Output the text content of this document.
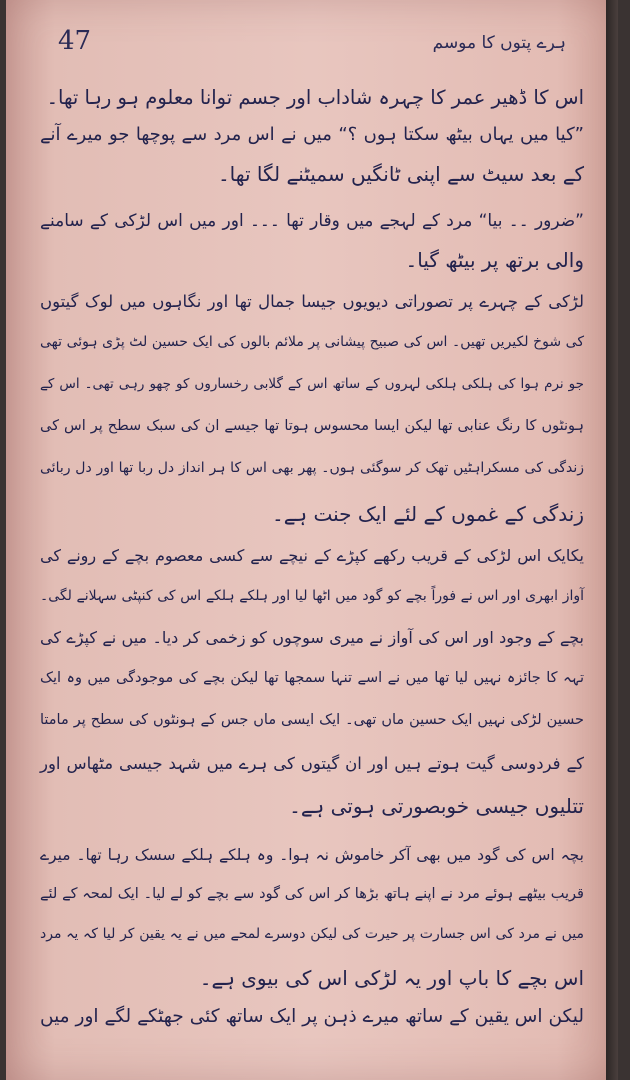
47	ہرے پتوں کا موسم
اس کا ڈھیر عمر کا چہرہ شاداب اور جسم توانا معلوم ہو رہا تھا۔
”کیا میں یہاں بیٹھ سکتا ہوں ؟“ میں نے اس مرد سے پوچھا جو میرے آنے
کے بعد سیٹ سے اپنی ٹانگیں سمیٹنے لگا تھا۔
”ضرور ۔۔ بیا“ مرد کے لہجے میں وقار تھا ۔۔۔ اور میں اس لڑکی کے سامنے
والی برتھ پر بیٹھ گیا۔
لڑکی کے چہرے پر تصوراتی دیویوں جیسا جمال تھا اور نگاہوں میں لوک گیتوں
کی شوخ لکیریں تھیں۔ اس کی صبیح پیشانی پر ملائم بالوں کی ایک حسین لٹ پڑی ہوئی تھی
جو نرم ہوا کی ہلکی ہلکی لہروں کے ساتھ اس کے گلابی رخساروں کو چھو رہی تھی۔ اس کے
ہونٹوں کا رنگ عنابی تھا لیکن ایسا محسوس ہوتا تھا جیسے ان کی سبک سطح پر اس کی
زندگی کی مسکراہٹیں تھک کر سوگئی ہوں۔ پھر بھی اس کا ہر انداز دل ربا تھا اور دل ربائی
زندگی کے غموں کے لئے ایک جنت ہے۔
یکایک اس لڑکی کے قریب رکھے کپڑے کے نیچے سے کسی معصوم بچے کے رونے کی
آواز ابھری اور اس نے فوراً بچے کو گود میں اٹھا لیا اور ہلکے ہلکے اس کی کنپٹی سہلانے لگی۔
بچے کے وجود اور اس کی آواز نے میری سوچوں کو زخمی کر دیا۔ میں نے کپڑے کی
تہہ کا جائزہ نہیں لیا تھا میں نے اسے تنہا سمجھا تھا لیکن بچے کی موجودگی میں وہ ایک
حسین لڑکی نہیں ایک حسین ماں تھی۔ ایک ایسی ماں جس کے ہونٹوں کی سطح پر مامتا
کے فردوسی گیت ہوتے ہیں اور ان گیتوں کی ہرے میں شہد جیسی مٹھاس اور
تتلیوں جیسی خوبصورتی ہوتی ہے۔
بچہ اس کی گود میں بھی آکر خاموش نہ ہوا۔ وہ ہلکے ہلکے سسک رہا تھا۔ میرے
قریب بیٹھے ہوئے مرد نے اپنے ہاتھ بڑھا کر اس کی گود سے بچے کو لے لیا۔ ایک لمحہ کے لئے
میں نے مرد کی اس جسارت پر حیرت کی لیکن دوسرے لمحے میں نے یہ یقین کر لیا کہ یہ مرد
اس بچے کا باپ اور یہ لڑکی اس کی بیوی ہے۔
لیکن اس یقین کے ساتھ میرے ذہن پر ایک ساتھ کئی جھٹکے لگے اور میں
